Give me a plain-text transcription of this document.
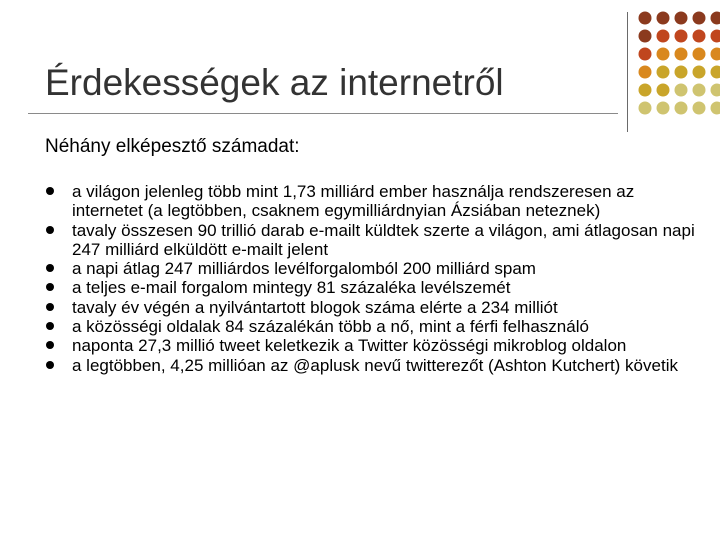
Érdekességek az internetről
Néhány elképesztő számadat:
a világon jelenleg több mint 1,73 milliárd ember használja rendszeresen az internetet (a legtöbben, csaknem egymilliárdnyian Ázsiában neteznek)
tavaly összesen 90 trillió darab e-mailt küldtek szerte a világon, ami átlagosan napi 247 milliárd elküldött e-mailt jelent
a napi átlag 247 milliárdos levélforgalomból 200 milliárd spam
a teljes e-mail forgalom mintegy 81 százaléka levélszemét
tavaly év végén a nyilvántartott blogok száma elérte a 234 milliót
a közösségi oldalak 84 százalékán több a nő, mint a férfi felhasználó
naponta 27,3 millió tweet keletkezik a Twitter közösségi mikroblog oldalon
a legtöbben, 4,25 millióan az @aplusk nevű twitterezőt (Ashton Kutchert) követik
